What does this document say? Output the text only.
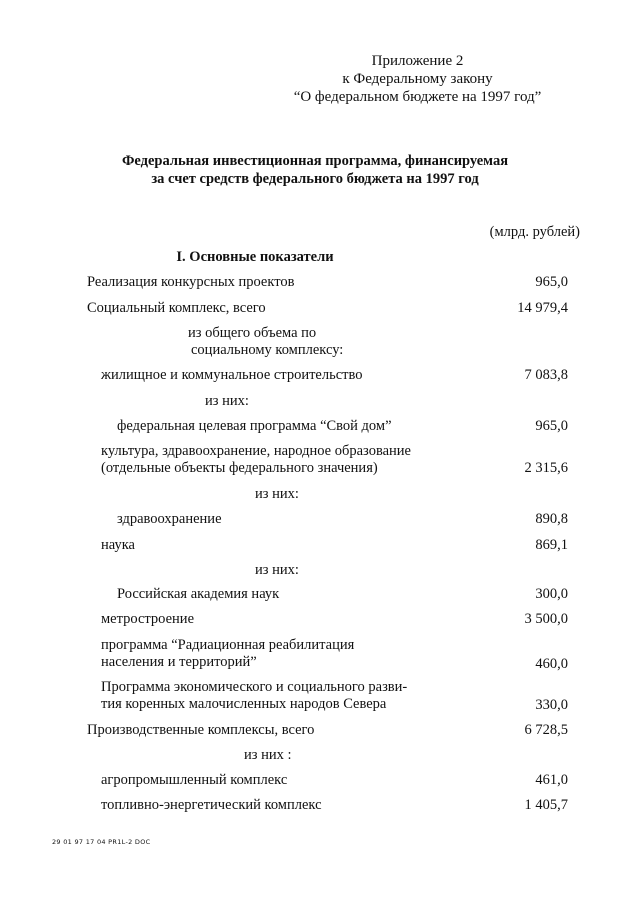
Приложение 2
к Федеральному закону
“О федеральном бюджете на 1997 год”
Федеральная инвестиционная программа, финансируемая
за счет средств федерального бюджета на 1997 год
(млрд. рублей)
I. Основные показатели
Реализация конкурсных проектов	965,0
Социальный комплекс, всего	14 979,4
из общего объема по
социальному комплексу:
жилищное и коммунальное строительство	7 083,8
из них:
федеральная целевая программа “Свой дом”	965,0
культура, здравоохранение, народное образование
(отдельные объекты федерального значения)	2 315,6
из них:
здравоохранение	890,8
наука	869,1
из них:
Российская академия наук	300,0
метростроение	3 500,0
программа “Радиационная реабилитация
населения и территорий”	460,0
Программа экономического и социального разви-
тия коренных малочисленных народов Севера	330,0
Производственные комплексы, всего	6 728,5
из них :
агропромышленный комплекс	461,0
топливно-энергетический комплекс	1 405,7
29 01 97 17 04 PR1L-2 DOC
